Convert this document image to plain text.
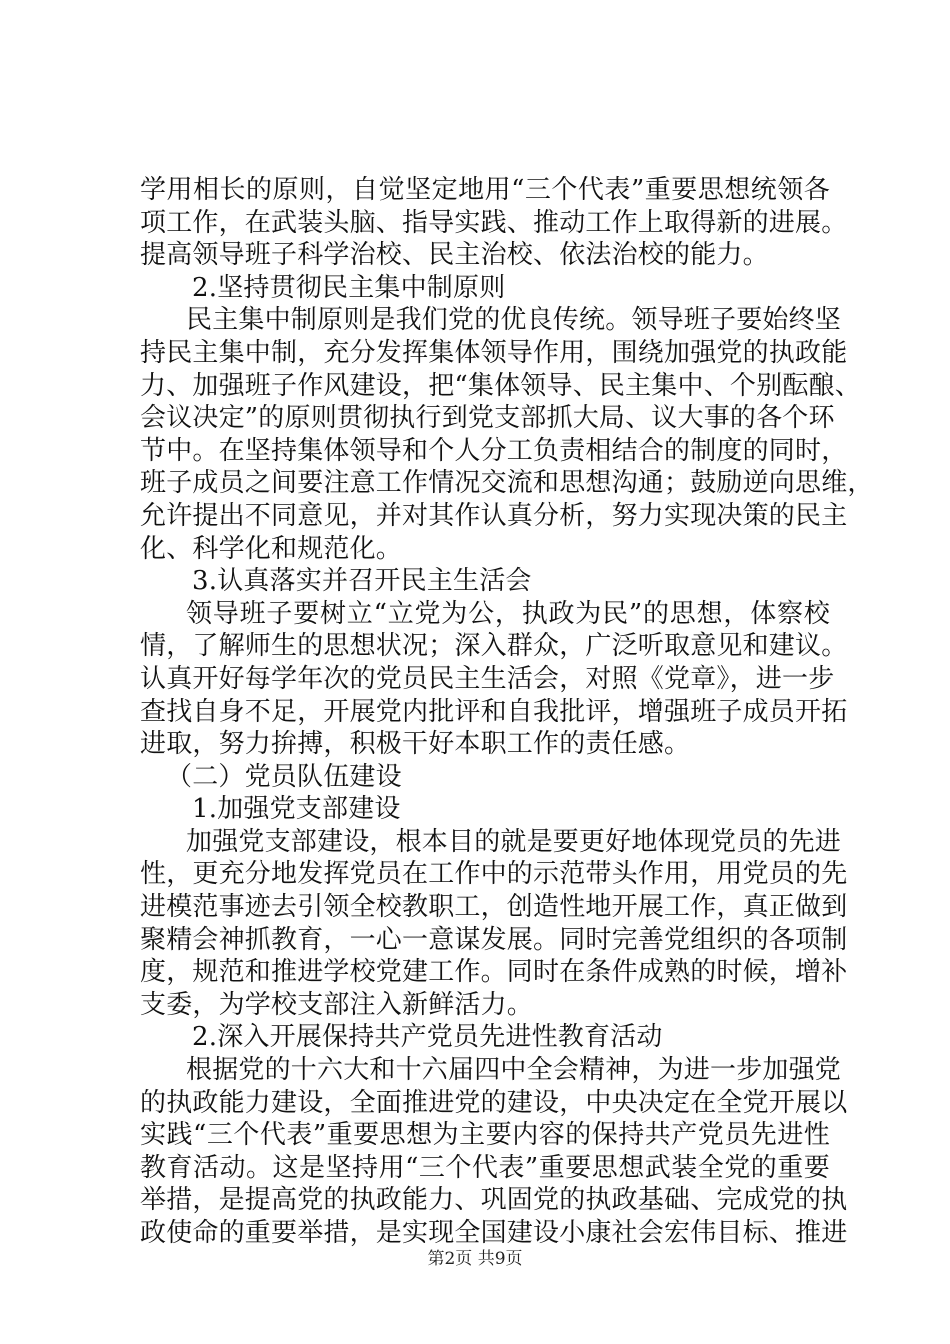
学用相长的原则，自觉坚定地用“三个代表”重要思想统领各
项工作，在武装头脑、指导实践、推动工作上取得新的进展。
提高领导班子科学治校、民主治校、依法治校的能力。
2.坚持贯彻民主集中制原则
民主集中制原则是我们党的优良传统。领导班子要始终坚
持民主集中制，充分发挥集体领导作用，围绕加强党的执政能
力、加强班子作风建设，把“集体领导、民主集中、个别酝酿、
会议决定”的原则贯彻执行到党支部抓大局、议大事的各个环
节中。在坚持集体领导和个人分工负责相结合的制度的同时，
班子成员之间要注意工作情况交流和思想沟通；鼓励逆向思维，
允许提出不同意见，并对其作认真分析，努力实现决策的民主
化、科学化和规范化。
3.认真落实并召开民主生活会
领导班子要树立“立党为公，执政为民”的思想，体察校
情，了解师生的思想状况；深入群众，广泛听取意见和建议。
认真开好每学年次的党员民主生活会，对照《党章》，进一步
查找自身不足，开展党内批评和自我批评，增强班子成员开拓
进取，努力拚搏，积极干好本职工作的责任感。
（二）党员队伍建设
1.加强党支部建设
加强党支部建设，根本目的就是要更好地体现党员的先进
性，更充分地发挥党员在工作中的示范带头作用，用党员的先
进模范事迹去引领全校教职工，创造性地开展工作，真正做到
聚精会神抓教育，一心一意谋发展。同时完善党组织的各项制
度，规范和推进学校党建工作。同时在条件成熟的时候，增补
支委，为学校支部注入新鲜活力。
2.深入开展保持共产党员先进性教育活动
根据党的十六大和十六届四中全会精神，为进一步加强党
的执政能力建设，全面推进党的建设，中央决定在全党开展以
实践“三个代表”重要思想为主要内容的保持共产党员先进性
教育活动。这是坚持用“三个代表”重要思想武装全党的重要
举措，是提高党的执政能力、巩固党的执政基础、完成党的执
政使命的重要举措，是实现全国建设小康社会宏伟目标、推进
第2页 共9页
